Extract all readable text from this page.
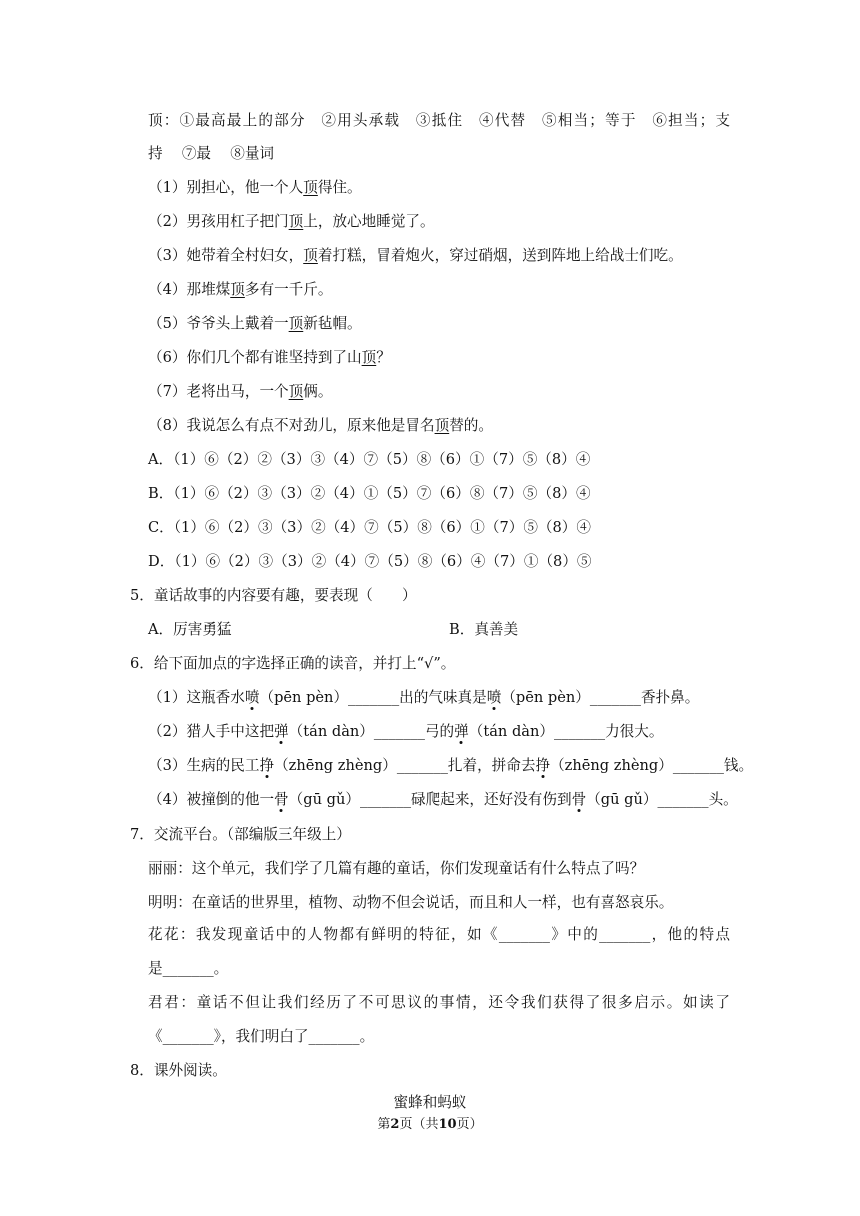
顶：①最高最上的部分　②用头承载　③抵住　④代替　⑤相当；等于　⑥担当；支
持　 ⑦最　 ⑧量词
（1）别担心，他一个人顶得住。
（2）男孩用杠子把门顶上，放心地睡觉了。
（3）她带着全村妇女，顶着打糕，冒着炮火，穿过硝烟，送到阵地上给战士们吃。
（4）那堆煤顶多有一千斤。
（5）爷爷头上戴着一顶新毡帽。
（6）你们几个都有谁坚持到了山顶？
（7）老将出马，一个顶俩。
（8）我说怎么有点不对劲儿，原来他是冒名顶替的。
A．（1）⑥（2）②（3）③（4）⑦（5）⑧（6）①（7）⑤（8）④
B．（1）⑥（2）③（3）②（4）①（5）⑦（6）⑧（7）⑤（8）④
C．（1）⑥（2）③（3）②（4）⑦（5）⑧（6）①（7）⑤（8）④
D．（1）⑥（2）③（3）②（4）⑦（5）⑧（6）④（7）①（8）⑤
5．童话故事的内容要有趣，要表现（　　）
A．厉害勇猛	B．真善美
6．给下面加点的字选择正确的读音，并打上“√”。
（1）这瓶香水喷（pēn pèn）_______出的气味真是喷（pēn pèn）_______香扑鼻。
（2）猎人手中这把弹（tán dàn）_______弓的弹（tán dàn）_______力很大。
（3）生病的民工挣（zhēng zhèng）_______扎着，拼命去挣（zhēng zhèng）_______钱。
（4）被撞倒的他一骨（gū gǔ）_______碌爬起来，还好没有伤到骨（gū gǔ）_______头。
7．交流平台。（部编版三年级上）
丽丽：这个单元，我们学了几篇有趣的童话，你们发现童话有什么特点了吗？
明明：在童话的世界里，植物、动物不但会说话，而且和人一样，也有喜怒哀乐。
花花：我发现童话中的人物都有鲜明的特征，如《_______》中的_______，他的特点
是_______。
君君：童话不但让我们经历了不可思议的事情，还令我们获得了很多启示。如读了
《_______》，我们明白了_______。
8．课外阅读。
蜜蜂和蚂蚁
第2页（共10页）
